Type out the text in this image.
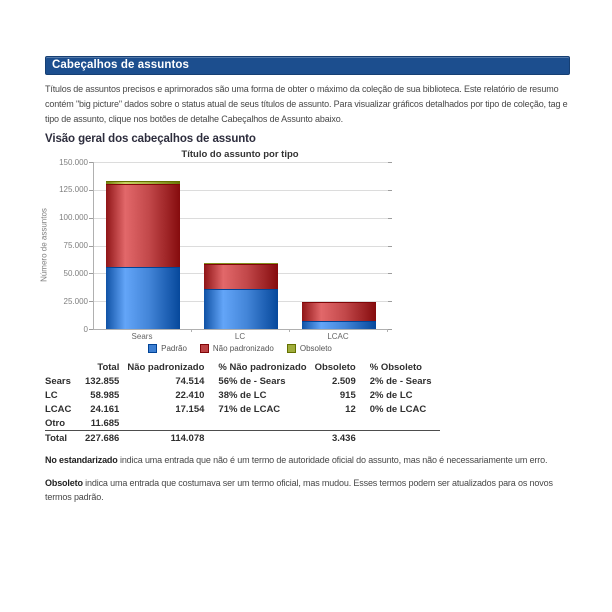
Cabeçalhos de assuntos
Títulos de assuntos precisos e aprimorados são uma forma de obter o máximo da coleção de sua biblioteca. Este relatório de resumo contém "big picture" dados sobre o status atual de seus títulos de assunto. Para visualizar gráficos detalhados por tipo de coleção, tag e tipo de assunto, clique nos botões de detalhe Cabeçalhos de Assunto abaixo.
Visão geral dos cabeçalhos de assunto
Título do assunto por tipo
Número de assuntos
0
25.000
50.000
75.000
100.000
125.000
150.000
Sears	LC	LCAC
Padrão	Não padronizado	Obsoleto
	Total	Não padronizado	% Não padronizado	Obsoleto	% Obsoleto
Sears	132.855	74.514	56% de - Sears	2.509	2% de - Sears
LC	58.985	22.410	38% de LC	915	2% de LC
LCAC	24.161	17.154	71% de LCAC	12	0% de LCAC
Otro	11.685				
Total	227.686	114.078		3.436	
No estandarizado indica uma entrada que não é um termo de autoridade oficial do assunto, mas não é necessariamente um erro.
Obsoleto indica uma entrada que costumava ser um termo oficial, mas mudou. Esses termos podem ser atualizados para os novos termos padrão.
